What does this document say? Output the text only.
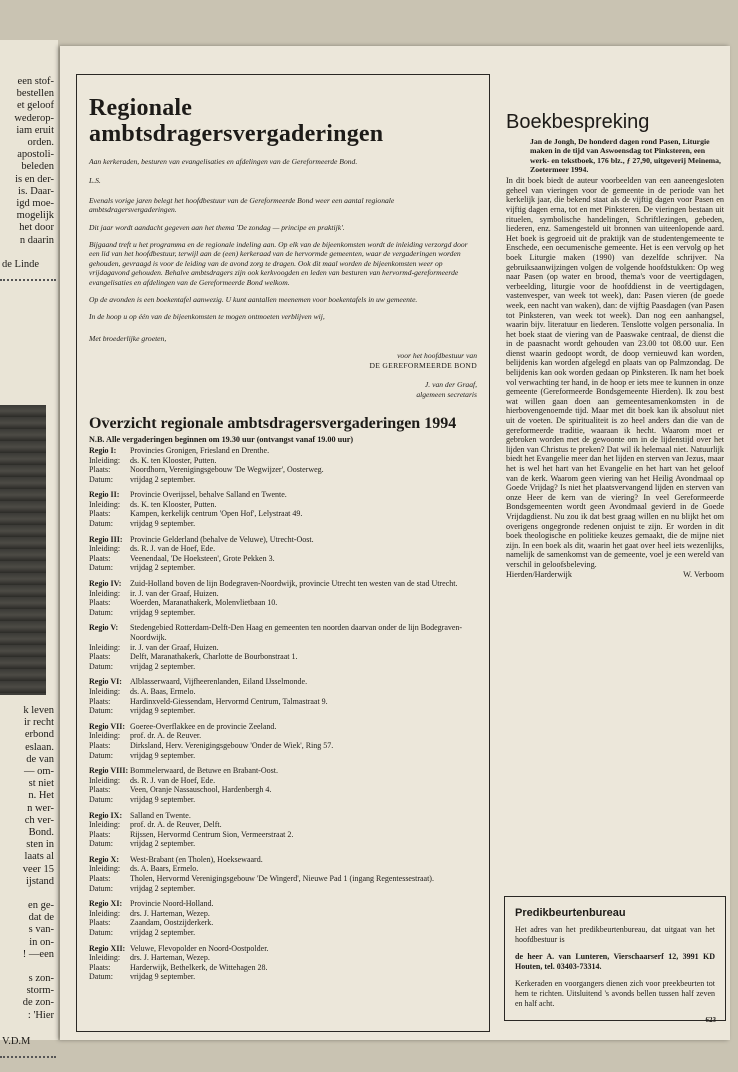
een stof-
bestellen
et geloof
wederop-
iam eruit
orden.
apostoli-
beleden
is en der-
is. Daar-
igd moe-
mogelijk
het door
n daarin
de Linde
k leven
ir recht
erbond
eslaan.
de van
— om-
st niet
n. Het
n wer-
ch ver-
Bond.
sten in
laats al
veer 15
ijstand
en ge-
dat de
s van-
in on-
! —een
s zon-
storm-
de zon-
: 'Hier
V.D.M
Regionale ambtsdragersvergaderingen

Aan kerkeraden, besturen van evangelisaties en afdelingen van de Gereformeerde Bond.

L.S.

Evenals vorige jaren belegt het hoofdbestuur van de Gereformeerde Bond weer een aantal regionale ambtsdragersvergaderingen.

Dit jaar wordt aandacht gegeven aan het thema 'De zondag — principe en praktijk'.

Bijgaand treft u het programma en de regionale indeling aan. Op elk van de bijeenkomsten wordt de inleiding verzorgd door een lid van het hoofdbestuur, terwijl aan de (een) kerkeraad van de hervormde gemeenten, waar de vergaderingen worden gehouden, gevraagd is voor de leiding van de avond zorg te dragen. Ook dit maal worden de bijeenkomsten weer op vrijdagavond gehouden. Behalve ambtsdragers zijn ook kerkvoogden en leden van besturen van hervormd-gereformeerde evangelisaties en afdelingen van de Gereformeerde Bond welkom.

Op de avonden is een boekentafel aanwezig. U kunt aantallen meenemen voor boekentafels in uw gemeente.

In de hoop u op één van de bijeenkomsten te mogen ontmoeten verblijven wij,

Met broederlijke groeten,

voor het hoofdbestuur van
DE GEREFORMEERDE BOND
J. van der Graaf,
algemeen secretaris
Overzicht regionale ambtsdragersvergaderingen 1994
N.B. Alle vergaderingen beginnen om 19.30 uur (ontvangst vanaf 19.00 uur)
Regio I:	Provincies Gronigen, Friesland en Drenthe.
Inleiding:	ds. K. ten Klooster, Putten.
Plaats:	Noordhorn, Verenigingsgebouw 'De Wegwijzer', Oosterweg.
Datum:	vrijdag 2 september.
Regio II:	Provincie Overijssel, behalve Salland en Twente.
Inleiding:	ds. K. ten Klooster, Putten.
Plaats:	Kampen, kerkelijk centrum 'Open Hof', Lelystraat 49.
Datum:	vrijdag 9 september.
Regio III: Provincie Gelderland (behalve de Veluwe), Utrecht-Oost.
Inleiding:	ds. R. J. van de Hoef, Ede.
Plaats:	Veenendaal, 'De Hoeksteen', Grote Pekken 3.
Datum:	vrijdag 2 september.
Regio IV:	Zuid-Holland boven de lijn Bodegraven-Noordwijk, provincie Utrecht ten westen van de stad Utrecht.
Inleiding:	ir. J. van der Graaf, Huizen.
Plaats:	Woerden, Maranathakerk, Molenvlietbaan 10.
Datum:	vrijdag 9 september.
Regio V:	Stedengebied Rotterdam-Delft-Den Haag en gemeenten ten noorden daarvan onder de lijn Bodegraven-Noordwijk.
Inleiding:	ir. J. van der Graaf, Huizen.
Plaats:	Delft, Maranathakerk, Charlotte de Bourbonstraat 1.
Datum:	vrijdag 2 september.
Regio VI:	Alblasserwaard, Vijfheerenlanden, Eiland IJsselmonde.
Inleiding:	ds. A. Baas, Ermelo.
Plaats:	Hardinxveld-Giessendam, Hervormd Centrum, Talmastraat 9.
Datum:	vrijdag 9 september.
Regio VII: Goeree-Overflakkee en de provincie Zeeland.
Inleiding:	prof. dr. A. de Reuver.
Plaats:	Dirksland, Herv. Verenigingsgebouw 'Onder de Wiek', Ring 57.
Datum:	vrijdag 9 september.
Regio VIII: Bommelerwaard, de Betuwe en Brabant-Oost.
Inleiding:	ds. R. J. van de Hoef, Ede.
Plaats:	Veen, Oranje Nassauschool, Hardenbergh 4.
Datum:	vrijdag 9 september.
Regio IX: Salland en Twente.
Inleiding:	prof. dr. A. de Reuver, Delft.
Plaats:	Rijssen, Hervormd Centrum Sion, Vermeerstraat 2.
Datum:	vrijdag 2 september.
Regio X:	West-Brabant (en Tholen), Hoeksewaard.
Inleiding:	ds. A. Baars, Ermelo.
Plaats:	Tholen, Hervormd Verenigingsgebouw 'De Wingerd', Nieuwe Pad 1 (ingang Regentessestraat).
Datum:	vrijdag 2 september.
Regio XI: Provincie Noord-Holland.
Inleiding:	drs. J. Harteman, Wezep.
Plaats:	Zaandam, Oostzijderkerk.
Datum:	vrijdag 2 september.
Regio XII: Veluwe, Flevopolder en Noord-Oostpolder.
Inleiding:	drs. J. Harteman, Wezep.
Plaats:	Harderwijk, Bethelkerk, de Wittehagen 28.
Datum:	vrijdag 9 september.
Boekbespreking

Jan de Jongh, De honderd dagen rond Pasen, Liturgie maken in de tijd van Aswoensdag tot Pinksteren, een werk- en tekstboek, 176 blz., ƒ 27,90, uitgeverij Meinema, Zoetermeer 1994.

In dit boek biedt de auteur voorbeelden van een aaneengesloten geheel van vieringen voor de gemeente in de periode van het kerkelijk jaar, die bekend staat als de vijftig dagen voor Pasen en vijftig dagen erna, tot en met Pinksteren. De vieringen bestaan uit rituelen, symbolische handelingen, Schriftlezingen, gebeden, liederen, enz. Samengesteld uit bronnen van uiteenlopende aard. Het boek is gegroeid uit de praktijk van de studentengemeente te Enschede, een oecumenische gemeente. Het is een vervolg op het boek Liturgie maken (1990) van dezelfde schrijver. Na gebruiksaanwijzingen volgen de volgende hoofdstukken: Op weg naar Pasen (op water en brood, thema's voor de veertigdagen, verbeelding, liturgie voor de hoofddienst in de veertigdagen, vastenvesper, van week tot week), dan: Pasen vieren (de goede week, een nacht van waken), dan: de vijftig Paasdagen (van Pasen tot Pinksteren, van week tot week). Dan nog een aanhangsel, waarin bijv. literatuur en liederen. Tenslotte volgen personalia. In het boek staat de viering van de Paaswake centraal, de dienst die in de paasnacht wordt gehouden van 23.00 tot 08.00 uur. Een dienst waarin gedoopt wordt, de doop vernieuwd kan worden, belijdenis kan worden afgelegd en plaats van op Palmzondag. De belijdenis kan ook worden gedaan op Pinksteren. Ik nam het boek vol verwachting ter hand, in de hoop er iets mee te kunnen in onze gemeente (Gereformeerde Bondsgemeente Hierden). Ik zou best wat willen gaan doen aan gemeentesamenkomsten in de hierbovengenoemde tijd. Maar met dit boek kan ik absoluut niet uit de voeten. De spiritualiteit is zo heel anders dan die van de gereformeerde traditie, waaraan ik hecht. Waarom moet er gebroken worden met de gewoonte om in de lijdenstijd over het lijden van Christus te preken? Dat wil ik helemaal niet. Natuurlijk biedt het Evangelie meer dan het lijden en sterven van Jezus, maar het is wel het hart van het Evangelie en het hart van het geloof van de kerk. Waarom geen viering van het Heilig Avondmaal op Goede Vrijdag? Is niet het plaatsvervangend lijden en sterven van onze Heer de kern van de viering? In veel Gereformeerde Bondsgemeenten wordt geen Avondmaal gevierd in de Goede Vrijdagdienst. Nu zou ik dat best graag willen en nu blijkt het om overigens ongegronde redenen onjuist te zijn. Er worden in dit boek theologische en politieke keuzes gemaakt, die de mijne niet zijn. In een boek als dit, waarin het gaat over heel iets wezenlijks, namelijk de samenkomst van de gemeente, voel je een wereld van verschil in geloofsbeleving.

Hierden/Harderwijk	W. Verboom
Predikbeurtenbureau

Het adres van het predikbeurtenbureau, dat uitgaat van het hoofdbestuur is

de heer A. van Lunteren, Vierschaarserf 12, 3991 KD Houten, tel. 03403-73314.

Kerkeraden en voorgangers dienen zich voor preekbeurten tot hem te richten. Uitsluitend 's avonds bellen tussen half zeven en half acht.

623
